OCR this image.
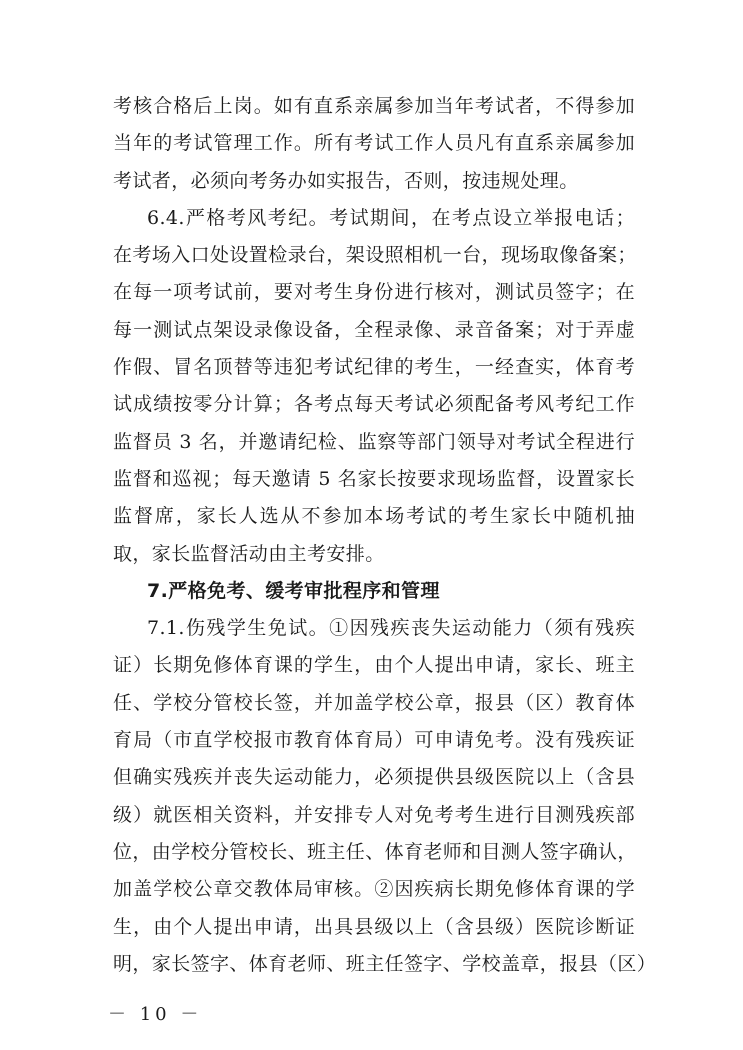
考核合格后上岗。如有直系亲属参加当年考试者，不得参加
当年的考试管理工作。所有考试工作人员凡有直系亲属参加
考试者，必须向考务办如实报告，否则，按违规处理。
6.4.严格考风考纪。考试期间，在考点设立举报电话；
在考场入口处设置检录台，架设照相机一台，现场取像备案；
在每一项考试前，要对考生身份进行核对，测试员签字；在
每一测试点架设录像设备，全程录像、录音备案；对于弄虚
作假、冒名顶替等违犯考试纪律的考生，一经查实，体育考
试成绩按零分计算；各考点每天考试必须配备考风考纪工作
监督员 3 名，并邀请纪检、监察等部门领导对考试全程进行
监督和巡视；每天邀请 5 名家长按要求现场监督，设置家长
监督席，家长人选从不参加本场考试的考生家长中随机抽
取，家长监督活动由主考安排。
7.严格免考、缓考审批程序和管理
7.1.伤残学生免试。①因残疾丧失运动能力（须有残疾
证）长期免修体育课的学生，由个人提出申请，家长、班主
任、学校分管校长签，并加盖学校公章，报县（区）教育体
育局（市直学校报市教育体育局）可申请免考。没有残疾证
但确实残疾并丧失运动能力，必须提供县级医院以上（含县
级）就医相关资料，并安排专人对免考考生进行目测残疾部
位，由学校分管校长、班主任、体育老师和目测人签字确认，
加盖学校公章交教体局审核。②因疾病长期免修体育课的学
生，由个人提出申请，出具县级以上（含县级）医院诊断证
明，家长签字、体育老师、班主任签字、学校盖章，报县（区）
－ 10 －
